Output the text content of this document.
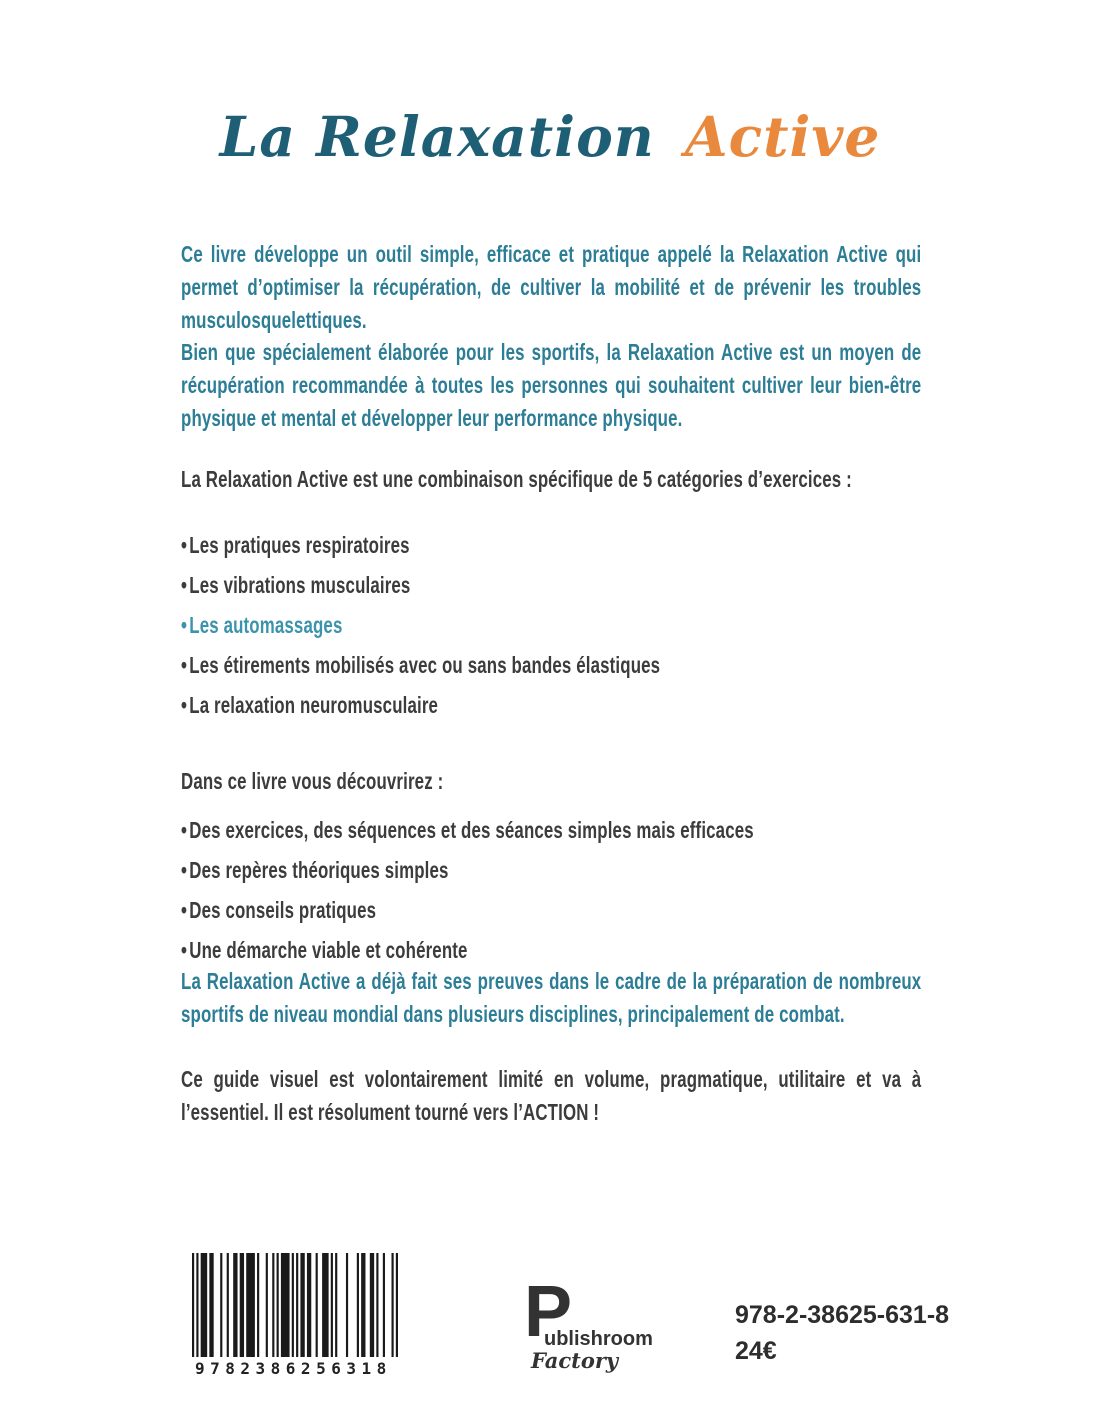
La Relaxation Active

Ce livre développe un outil simple, efficace et pratique appelé la Relaxation Active qui permet d’optimiser la récupération, de cultiver la mobilité et de prévenir les troubles musculosquelettiques.

Bien que spécialement élaborée pour les sportifs, la Relaxation Active est un moyen de récupération recommandée à toutes les personnes qui souhaitent cultiver leur bien-être physique et mental et développer leur performance physique.

La Relaxation Active est une combinaison spécifique de 5 catégories d’exercices :

•Les pratiques respiratoires
•Les vibrations musculaires
•Les automassages
•Les étirements mobilisés avec ou sans bandes élastiques
•La relaxation neuromusculaire

Dans ce livre vous découvrirez :

•Des exercices, des séquences et des séances simples mais efficaces
•Des repères théoriques simples
•Des conseils pratiques
•Une démarche viable et cohérente

La Relaxation Active a déjà fait ses preuves dans le cadre de la préparation de nombreux sportifs de niveau mondial dans plusieurs disciplines, principalement de combat.

Ce guide visuel est volontairement limité en volume, pragmatique, utilitaire et va à l’essentiel. Il est résolument tourné vers l’ACTION !

9782386256318
P
ublishroom
Factory
978-2-38625-631-8
24€
